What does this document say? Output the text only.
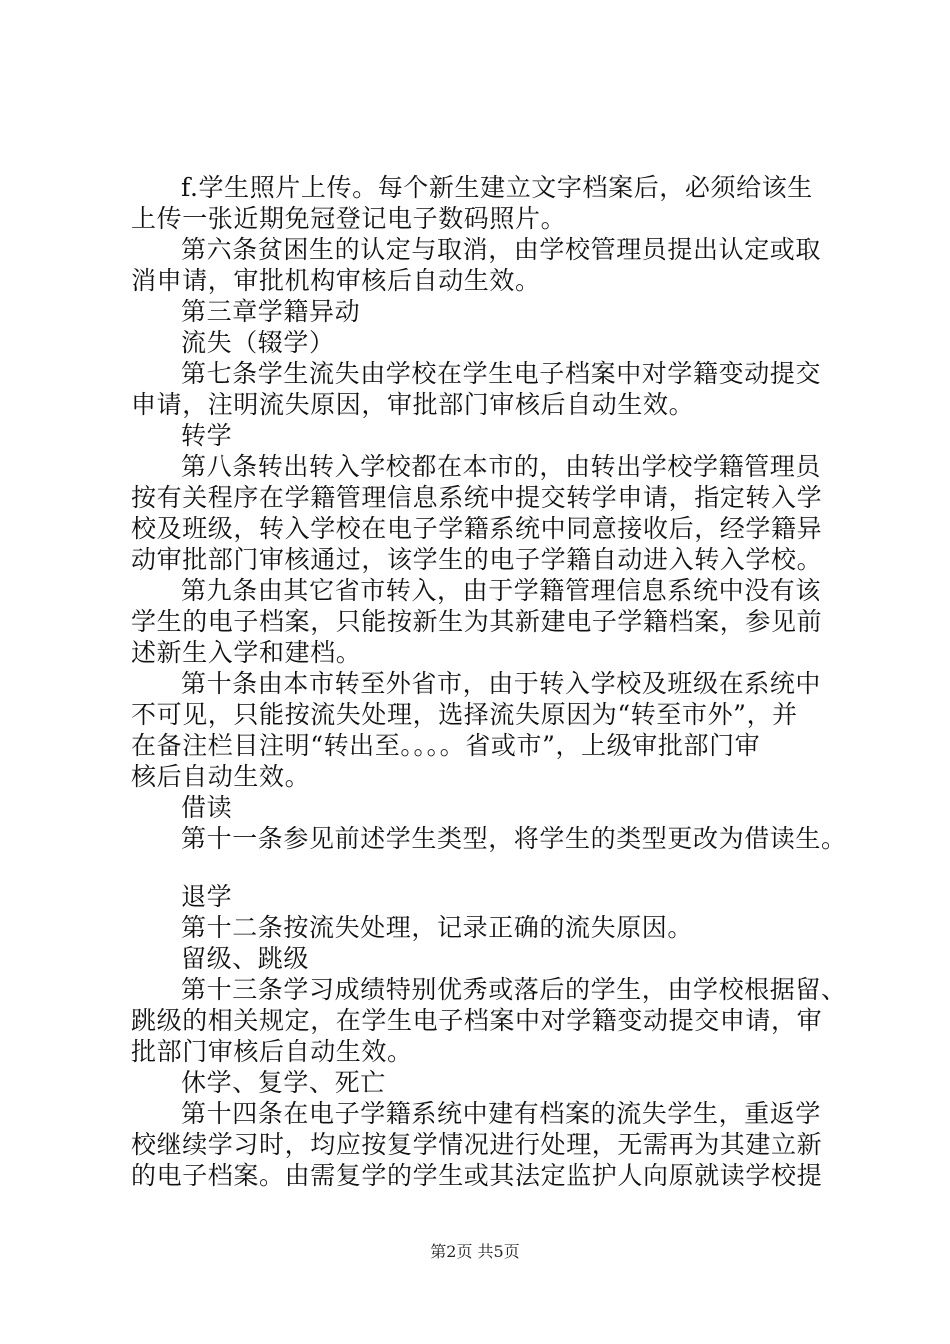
f.学生照片上传。每个新生建立文字档案后，必须给该生
上传一张近期免冠登记电子数码照片。
第六条贫困生的认定与取消，由学校管理员提出认定或取
消申请，审批机构审核后自动生效。
第三章学籍异动
流失（辍学）
第七条学生流失由学校在学生电子档案中对学籍变动提交
申请，注明流失原因，审批部门审核后自动生效。
转学
第八条转出转入学校都在本市的，由转出学校学籍管理员
按有关程序在学籍管理信息系统中提交转学申请，指定转入学
校及班级，转入学校在电子学籍系统中同意接收后，经学籍异
动审批部门审核通过，该学生的电子学籍自动进入转入学校。
第九条由其它省市转入，由于学籍管理信息系统中没有该
学生的电子档案，只能按新生为其新建电子学籍档案，参见前
述新生入学和建档。
第十条由本市转至外省市，由于转入学校及班级在系统中
不可见，只能按流失处理，选择流失原因为“转至市外”，并
在备注栏目注明“转出至。。。。省或市”，上级审批部门审
核后自动生效。
借读
第十一条参见前述学生类型，将学生的类型更改为借读生。
退学
第十二条按流失处理，记录正确的流失原因。
留级、跳级
第十三条学习成绩特别优秀或落后的学生，由学校根据留、
跳级的相关规定，在学生电子档案中对学籍变动提交申请，审
批部门审核后自动生效。
休学、复学、死亡
第十四条在电子学籍系统中建有档案的流失学生，重返学
校继续学习时，均应按复学情况进行处理，无需再为其建立新
的电子档案。由需复学的学生或其法定监护人向原就读学校提
第2页 共5页
